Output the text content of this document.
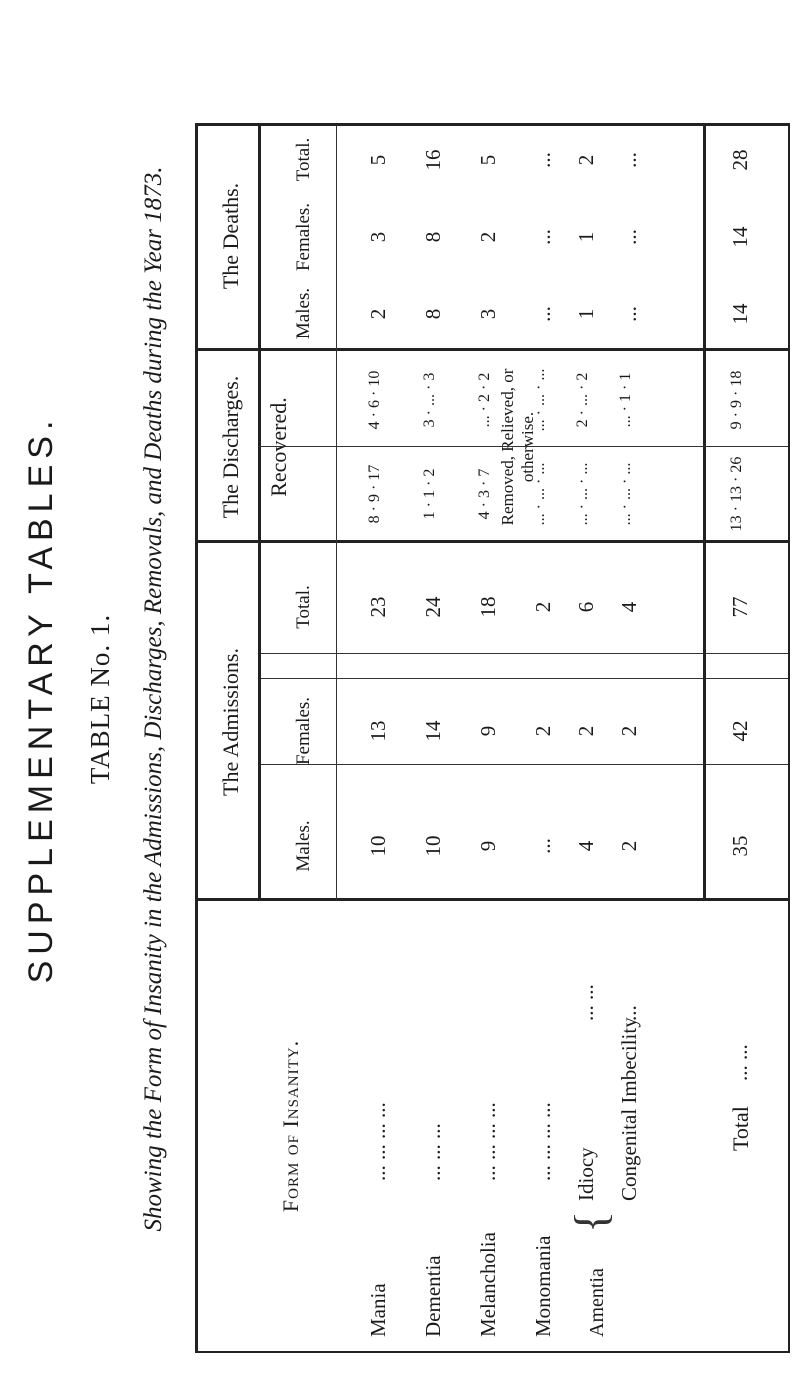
SUPPLEMENTARY TABLES. TABLE No. 1. Showing the Form of Insanity in the Admissions, Discharges, Removals, and Deaths during the Year 1873.	Form of Insanity.
The Admissions.
The Discharges.
The Deaths.
Males.
Females.
Total.
Recovered.
Males.
Females.
Total.
Mania
... ... ... ...
10
13
23
2
3
5
Dementia
... ... ...
10
14
24
8
8
16
Melancholia
... ... ... ...
9
9
18
3
2
5
Monomania
... ... ... ...
...
2
2
...
...
...
Idiocy
... ...
4
2
6
1
1
2
Congenital Imbecility
...
2
2
4
...
...
...
35
42
77
14
14
28
Removed, Relieved, or otherwise.
8 · 9 · 17
4 · 6 · 10
1 · 1 · 2
3 · ... · 3
4 · 3 · 7
... · 2 · 2
... · ... · ...
... · ... · ...
... · ... · ...
2 · ... · 2
... · ... · ...
... · 1 · 1
13 · 13 · 26
9 · 9 · 18
Amentia
{
Total
... ...
